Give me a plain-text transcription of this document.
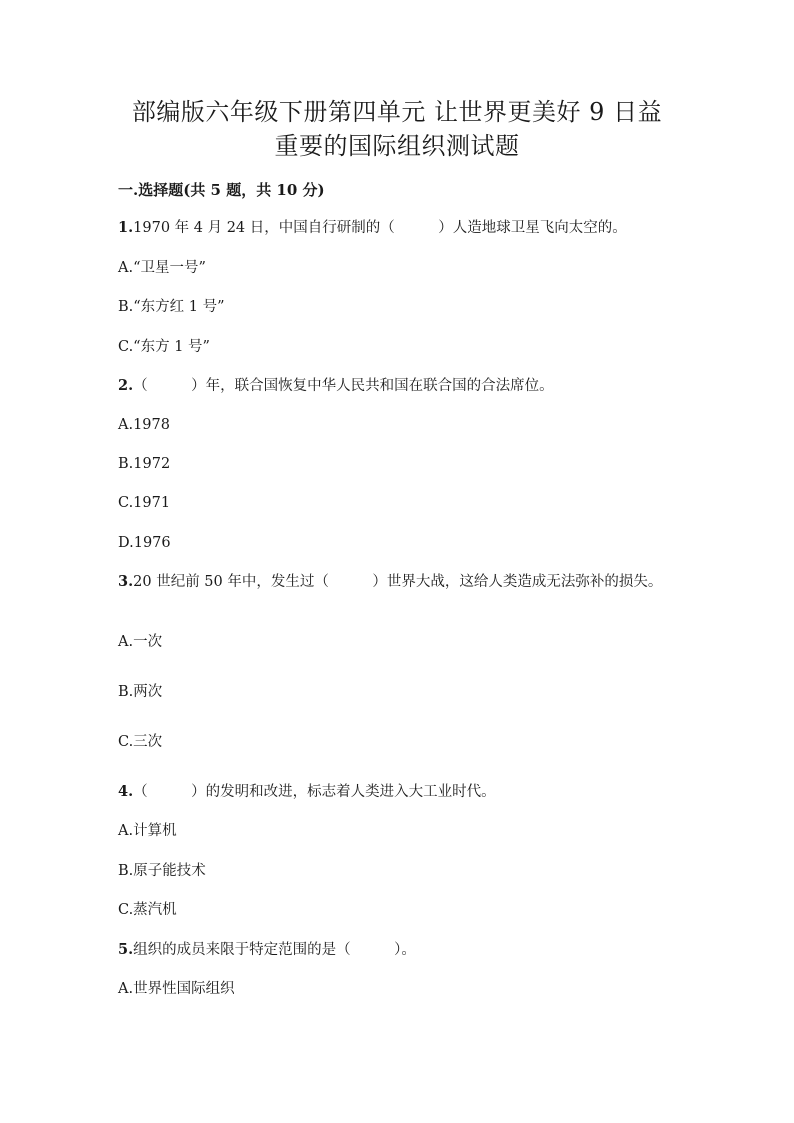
部编版六年级下册第四单元 让世界更美好 9 日益
重要的国际组织测试题
一.选择题(共 5 题，共 10 分)
1.1970 年 4 月 24 日，中国自行研制的（　　　）人造地球卫星飞向太空的。
A.“卫星一号”
B.“东方红 1 号”
C.“东方 1 号”
2.（　　　）年，联合国恢复中华人民共和国在联合国的合法席位。
A.1978
B.1972
C.1971
D.1976
3.20 世纪前 50 年中，发生过（　　　）世界大战，这给人类造成无法弥补的损失。
A.一次
B.两次
C.三次
4.（　　　）的发明和改进，标志着人类进入大工业时代。
A.计算机
B.原子能技术
C.蒸汽机
5.组织的成员来限于特定范围的是（　　　）。
A.世界性国际组织
